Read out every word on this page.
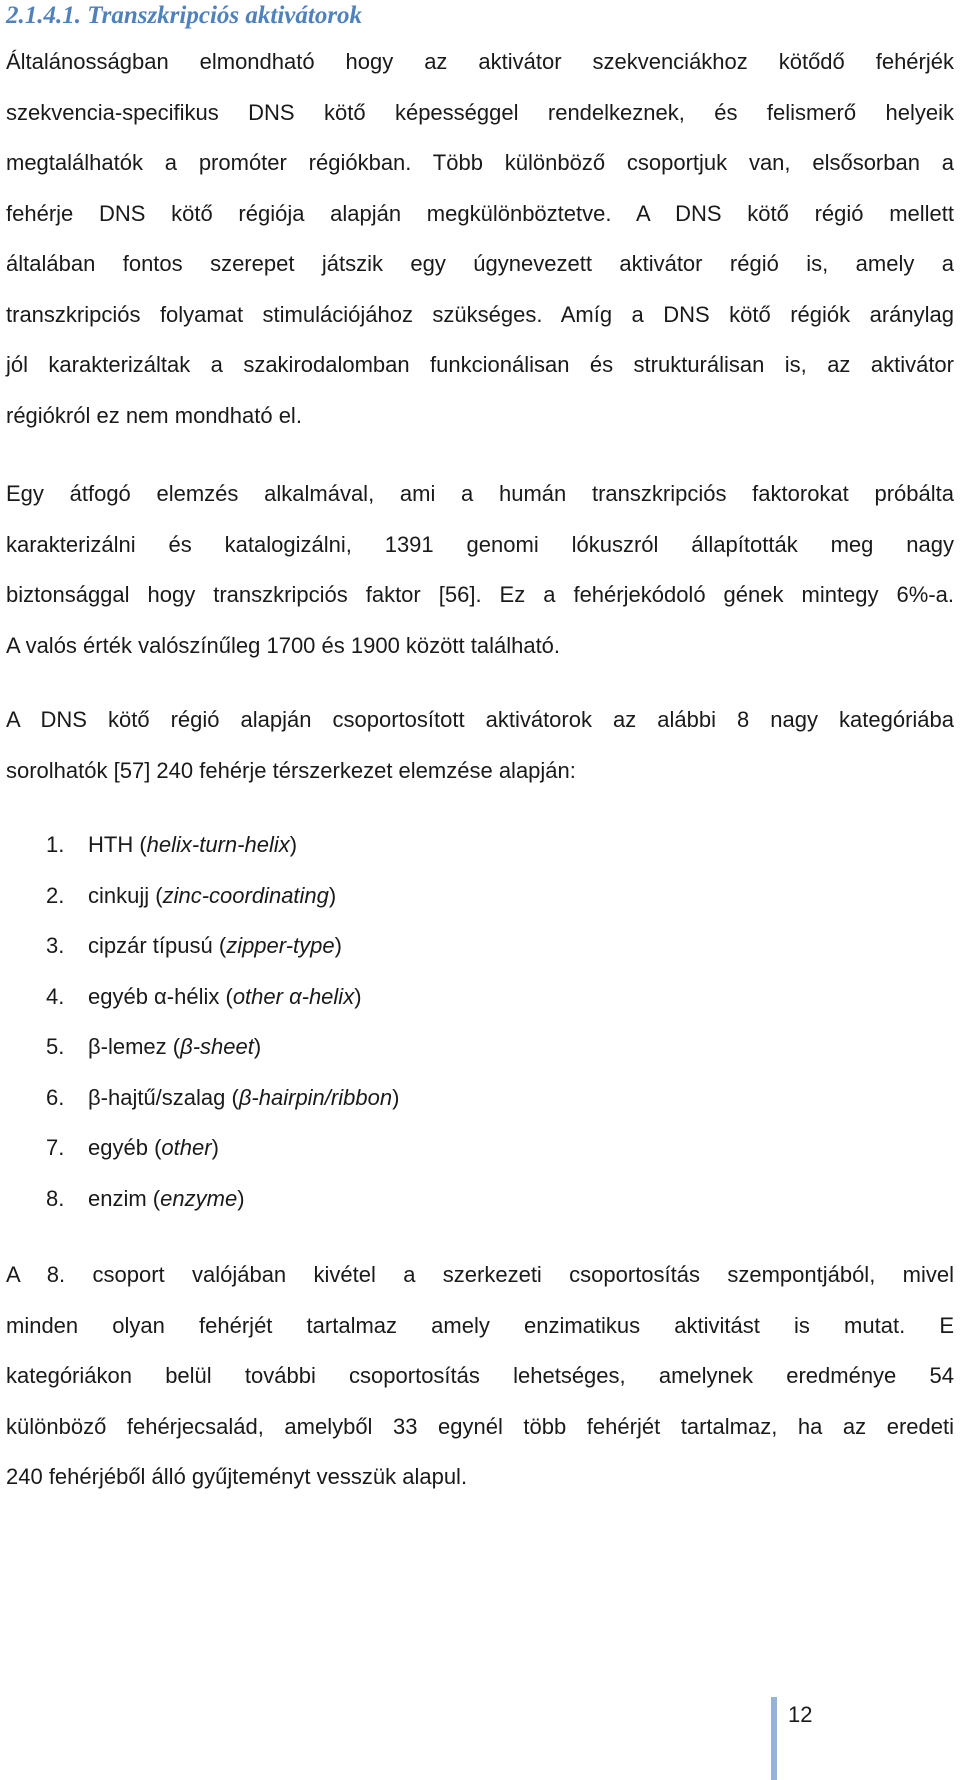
2.1.4.1. Transzkripciós aktivátorok
Általánosságban elmondható hogy az aktivátor szekvenciákhoz kötődő fehérjék
szekvencia-specifikus DNS kötő képességgel rendelkeznek, és felismerő helyeik
megtalálhatók a promóter régiókban. Több különböző csoportjuk van, elsősorban a
fehérje DNS kötő régiója alapján megkülönböztetve. A DNS kötő régió mellett
általában fontos szerepet játszik egy úgynevezett aktivátor régió is, amely a
transzkripciós folyamat stimulációjához szükséges. Amíg a DNS kötő régiók aránylag
jól karakterizáltak a szakirodalomban funkcionálisan és strukturálisan is, az aktivátor
régiókról ez nem mondható el.
Egy átfogó elemzés alkalmával, ami a humán transzkripciós faktorokat próbálta
karakterizálni és katalogizálni, 1391 genomi lókuszról állapították meg nagy
biztonsággal hogy transzkripciós faktor [56]. Ez a fehérjekódoló gének mintegy 6%-a.
A valós érték valószínűleg 1700 és 1900 között található.
A DNS kötő régió alapján csoportosított aktivátorok az alábbi 8 nagy kategóriába
sorolhatók [57] 240 fehérje térszerkezet elemzése alapján:
1. HTH (helix-turn-helix)
2. cinkujj (zinc-coordinating)
3. cipzár típusú (zipper-type)
4. egyéb α-hélix (other α-helix)
5. β-lemez (β-sheet)
6. β-hajtű/szalag (β-hairpin/ribbon)
7. egyéb (other)
8. enzim (enzyme)
A 8. csoport valójában kivétel a szerkezeti csoportosítás szempontjából, mivel
minden olyan fehérjét tartalmaz amely enzimatikus aktivitást is mutat. E
kategóriákon belül további csoportosítás lehetséges, amelynek eredménye 54
különböző fehérjecsalád, amelyből 33 egynél több fehérjét tartalmaz, ha az eredeti
240 fehérjéből álló gyűjteményt vesszük alapul.
12
